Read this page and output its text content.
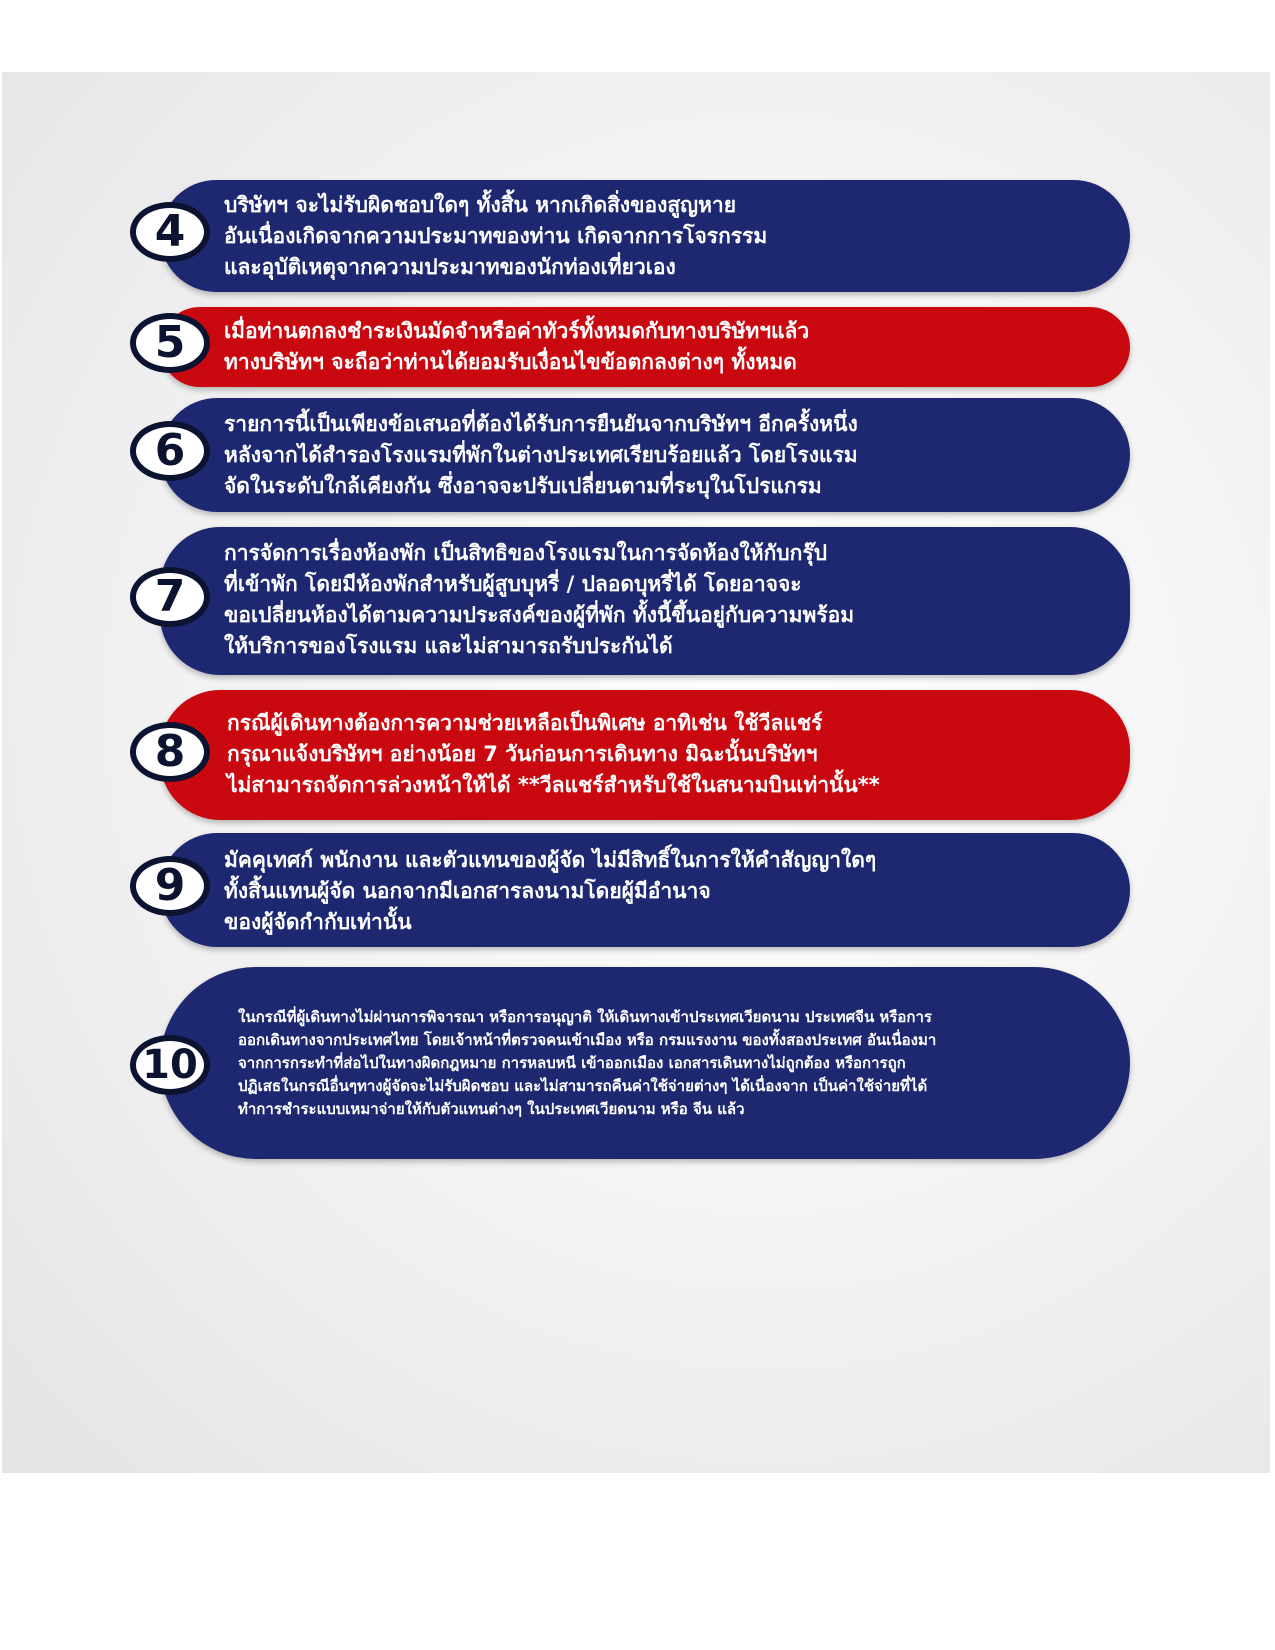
4
บริษัทฯ จะไม่รับผิดชอบใดๆ ทั้งสิ้น หากเกิดสิ่งของสูญหาย
อันเนื่องเกิดจากความประมาทของท่าน เกิดจากการโจรกรรม
และอุบัติเหตุจากความประมาทของนักท่องเที่ยวเอง
5	เมื่อท่านตกลงชำระเงินมัดจำหรือค่าทัวร์ทั้งหมดกับทางบริษัทฯแล้ว
ทางบริษัทฯ จะถือว่าท่านได้ยอมรับเงื่อนไขข้อตกลงต่างๆ ทั้งหมด
6
รายการนี้เป็นเพียงข้อเสนอที่ต้องได้รับการยืนยันจากบริษัทฯ อีกครั้งหนึ่ง
หลังจากได้สำรองโรงแรมที่พักในต่างประเทศเรียบร้อยแล้ว โดยโรงแรม
จัดในระดับใกล้เคียงกัน ซึ่งอาจจะปรับเปลี่ยนตามที่ระบุในโปรแกรม
7
การจัดการเรื่องห้องพัก เป็นสิทธิของโรงแรมในการจัดห้องให้กับกรุ๊ป
ที่เข้าพัก โดยมีห้องพักสำหรับผู้สูบบุหรี่ / ปลอดบุหรี่ได้ โดยอาจจะ
ขอเปลี่ยนห้องได้ตามความประสงค์ของผู้ที่พัก ทั้งนี้ขึ้นอยู่กับความพร้อม
ให้บริการของโรงแรม และไม่สามารถรับประกันได้
8
กรณีผู้เดินทางต้องการความช่วยเหลือเป็นพิเศษ อาทิเช่น ใช้วีลแชร์
กรุณาแจ้งบริษัทฯ อย่างน้อย 7 วันก่อนการเดินทาง มิฉะนั้นบริษัทฯ
ไม่สามารถจัดการล่วงหน้าให้ได้ **วีลแชร์สำหรับใช้ในสนามบินเท่านั้น**
9	มัคคุเทศก์ พนักงาน และตัวแทนของผู้จัด ไม่มีสิทธิ์ในการให้คำสัญญาใดๆ
ทั้งสิ้นแทนผู้จัด นอกจากมีเอกสารลงนามโดยผู้มีอำนาจ
ของผู้จัดกำกับเท่านั้น
10
ในกรณีที่ผู้เดินทางไม่ผ่านการพิจารณา หรือการอนุญาติ ให้เดินทางเข้าประเทศเวียดนาม ประเทศจีน หรือการ
ออกเดินทางจากประเทศไทย โดยเจ้าหน้าที่ตรวจคนเข้าเมือง หรือ กรมแรงงาน ของทั้งสองประเทศ อันเนื่องมา
จากการกระทำที่ส่อไปในทางผิดกฎหมาย การหลบหนี เข้าออกเมือง เอกสารเดินทางไม่ถูกต้อง หรือการถูก
ปฏิเสธในกรณีอื่นๆทางผู้จัดจะไม่รับผิดชอบ และไม่สามารถคืนค่าใช้จ่ายต่างๆ ได้เนื่องจาก เป็นค่าใช้จ่ายที่ได้
ทำการชำระแบบเหมาจ่ายให้กับตัวแทนต่างๆ ในประเทศเวียดนาม หรือ จีน แล้ว
